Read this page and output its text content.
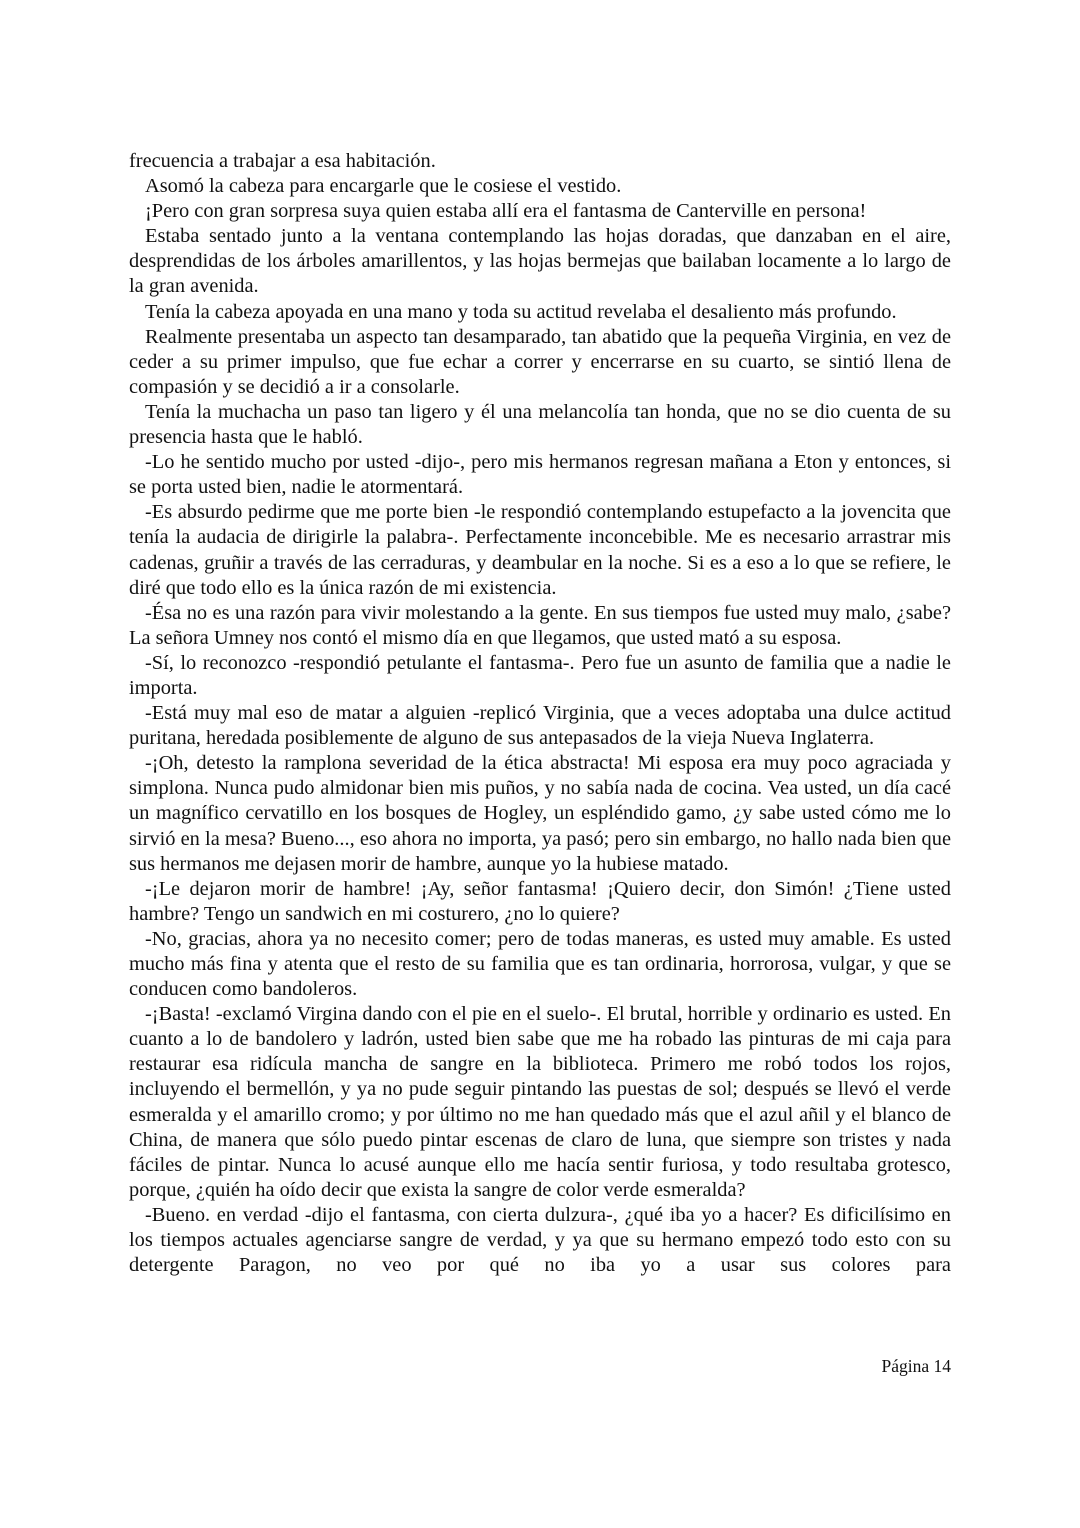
frecuencia a trabajar a esa habitación.

Asomó la cabeza para encargarle que le cosiese el vestido.

¡Pero con gran sorpresa suya quien estaba allí era el fantasma de Canterville en persona!

Estaba sentado junto a la ventana contemplando las hojas doradas, que danzaban en el aire, desprendidas de los árboles amarillentos, y las hojas bermejas que bailaban locamente a lo largo de la gran avenida.

Tenía la cabeza apoyada en una mano y toda su actitud revelaba el desaliento más profundo.

Realmente presentaba un aspecto tan desamparado, tan abatido que la pequeña Virginia, en vez de ceder a su primer impulso, que fue echar a correr y encerrarse en su cuarto, se sintió llena de compasión y se decidió a ir a consolarle.

Tenía la muchacha un paso tan ligero y él una melancolía tan honda, que no se dio cuenta de su presencia hasta que le habló.

-Lo he sentido mucho por usted -dijo-, pero mis hermanos regresan mañana a Eton y entonces, si se porta usted bien, nadie le atormentará.

-Es absurdo pedirme que me porte bien -le respondió contemplando estupefacto a la jovencita que tenía la audacia de dirigirle la palabra-. Perfectamente inconcebible. Me es necesario arrastrar mis cadenas, gruñir a través de las cerraduras, y deambular en la noche. Si es a eso a lo que se refiere, le diré que todo ello es la única razón de mi existencia.

-Ésa no es una razón para vivir molestando a la gente. En sus tiempos fue usted muy malo, ¿sabe? La señora Umney nos contó el mismo día en que llegamos, que usted mató a su esposa.

-Sí, lo reconozco -respondió petulante el fantasma-. Pero fue un asunto de familia que a nadie le importa.

-Está muy mal eso de matar a alguien -replicó Virginia, que a veces adoptaba una dulce actitud puritana, heredada posiblemente de alguno de sus antepasados de la vieja Nueva Inglaterra.

-¡Oh, detesto la ramplona severidad de la ética abstracta! Mi esposa era muy poco agraciada y simplona. Nunca pudo almidonar bien mis puños, y no sabía nada de cocina. Vea usted, un día cacé un magnífico cervatillo en los bosques de Hogley, un espléndido gamo, ¿y sabe usted cómo me lo sirvió en la mesa? Bueno..., eso ahora no importa, ya pasó; pero sin embargo, no hallo nada bien que sus hermanos me dejasen morir de hambre, aunque yo la hubiese matado.

-¡Le dejaron morir de hambre! ¡Ay, señor fantasma! ¡Quiero decir, don Simón! ¿Tiene usted hambre? Tengo un sandwich en mi costurero, ¿no lo quiere?

-No, gracias, ahora ya no necesito comer; pero de todas maneras, es usted muy amable. Es usted mucho más fina y atenta que el resto de su familia que es tan ordinaria, horrorosa, vulgar, y que se conducen como bandoleros.

-¡Basta! -exclamó Virgina dando con el pie en el suelo-. El brutal, horrible y ordinario es usted. En cuanto a lo de bandolero y ladrón, usted bien sabe que me ha robado las pinturas de mi caja para restaurar esa ridícula mancha de sangre en la biblioteca. Primero me robó todos los rojos, incluyendo el bermellón, y ya no pude seguir pintando las puestas de sol; después se llevó el verde esmeralda y el amarillo cromo; y por último no me han quedado más que el azul añil y el blanco de China, de manera que sólo puedo pintar escenas de claro de luna, que siempre son tristes y nada fáciles de pintar. Nunca lo acusé aunque ello me hacía sentir furiosa, y todo resultaba grotesco, porque, ¿quién ha oído decir que exista la sangre de color verde esmeralda?

-Bueno. en verdad -dijo el fantasma, con cierta dulzura-, ¿qué iba yo a hacer? Es dificilísimo en los tiempos actuales agenciarse sangre de verdad, y ya que su hermano empezó todo esto con su detergente Paragon, no veo por qué no iba yo a usar sus colores para

Página 14
